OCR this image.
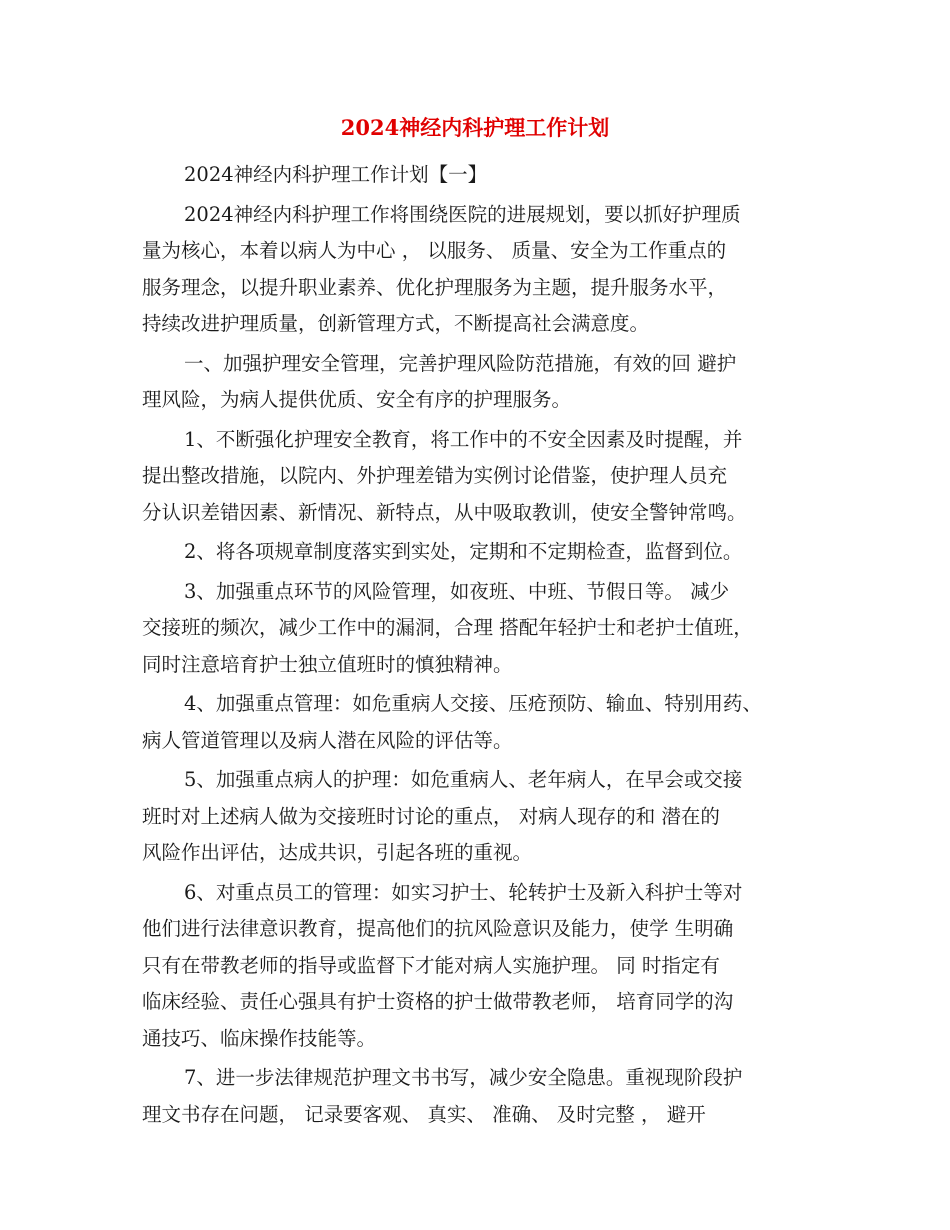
2024神经内科护理工作计划
2024神经内科护理工作计划【一】
2024神经内科护理工作将围绕医院的进展规划，要以抓好护理质
量为核心，本着以病人为中心 ， 以服务、 质量、安全为工作重点的
服务理念，以提升职业素养、优化护理服务为主题，提升服务水平，
持续改进护理质量，创新管理方式，不断提高社会满意度。
一、加强护理安全管理，完善护理风险防范措施，有效的回 避护
理风险，为病人提供优质、安全有序的护理服务。
1、不断强化护理安全教育，将工作中的不安全因素及时提醒，并
提出整改措施，以院内、外护理差错为实例讨论借鉴，使护理人员充
分认识差错因素、新情况、新特点，从中吸取教训，使安全警钟常鸣。
2、将各项规章制度落实到实处，定期和不定期检查，监督到位。
3、加强重点环节的风险管理，如夜班、中班、节假日等。 减少
交接班的频次，减少工作中的漏洞，合理 搭配年轻护士和老护士值班，
同时注意培育护士独立值班时的慎独精神。
4、加强重点管理：如危重病人交接、压疮预防、输血、特别用药、
病人管道管理以及病人潜在风险的评估等。
5、加强重点病人的护理：如危重病人、老年病人，在早会或交接
班时对上述病人做为交接班时讨论的重点， 对病人现存的和 潜在的
风险作出评估，达成共识，引起各班的重视。
6、对重点员工的管理：如实习护士、轮转护士及新入科护士等对
他们进行法律意识教育，提高他们的抗风险意识及能力，使学 生明确
只有在带教老师的指导或监督下才能对病人实施护理。 同 时指定有
临床经验、责任心强具有护士资格的护士做带教老师， 培育同学的沟
通技巧、临床操作技能等。
7、进一步法律规范护理文书书写，减少安全隐患。重视现阶段护
理文书存在问题， 记录要客观、 真实、 准确、 及时完整 ， 避开
